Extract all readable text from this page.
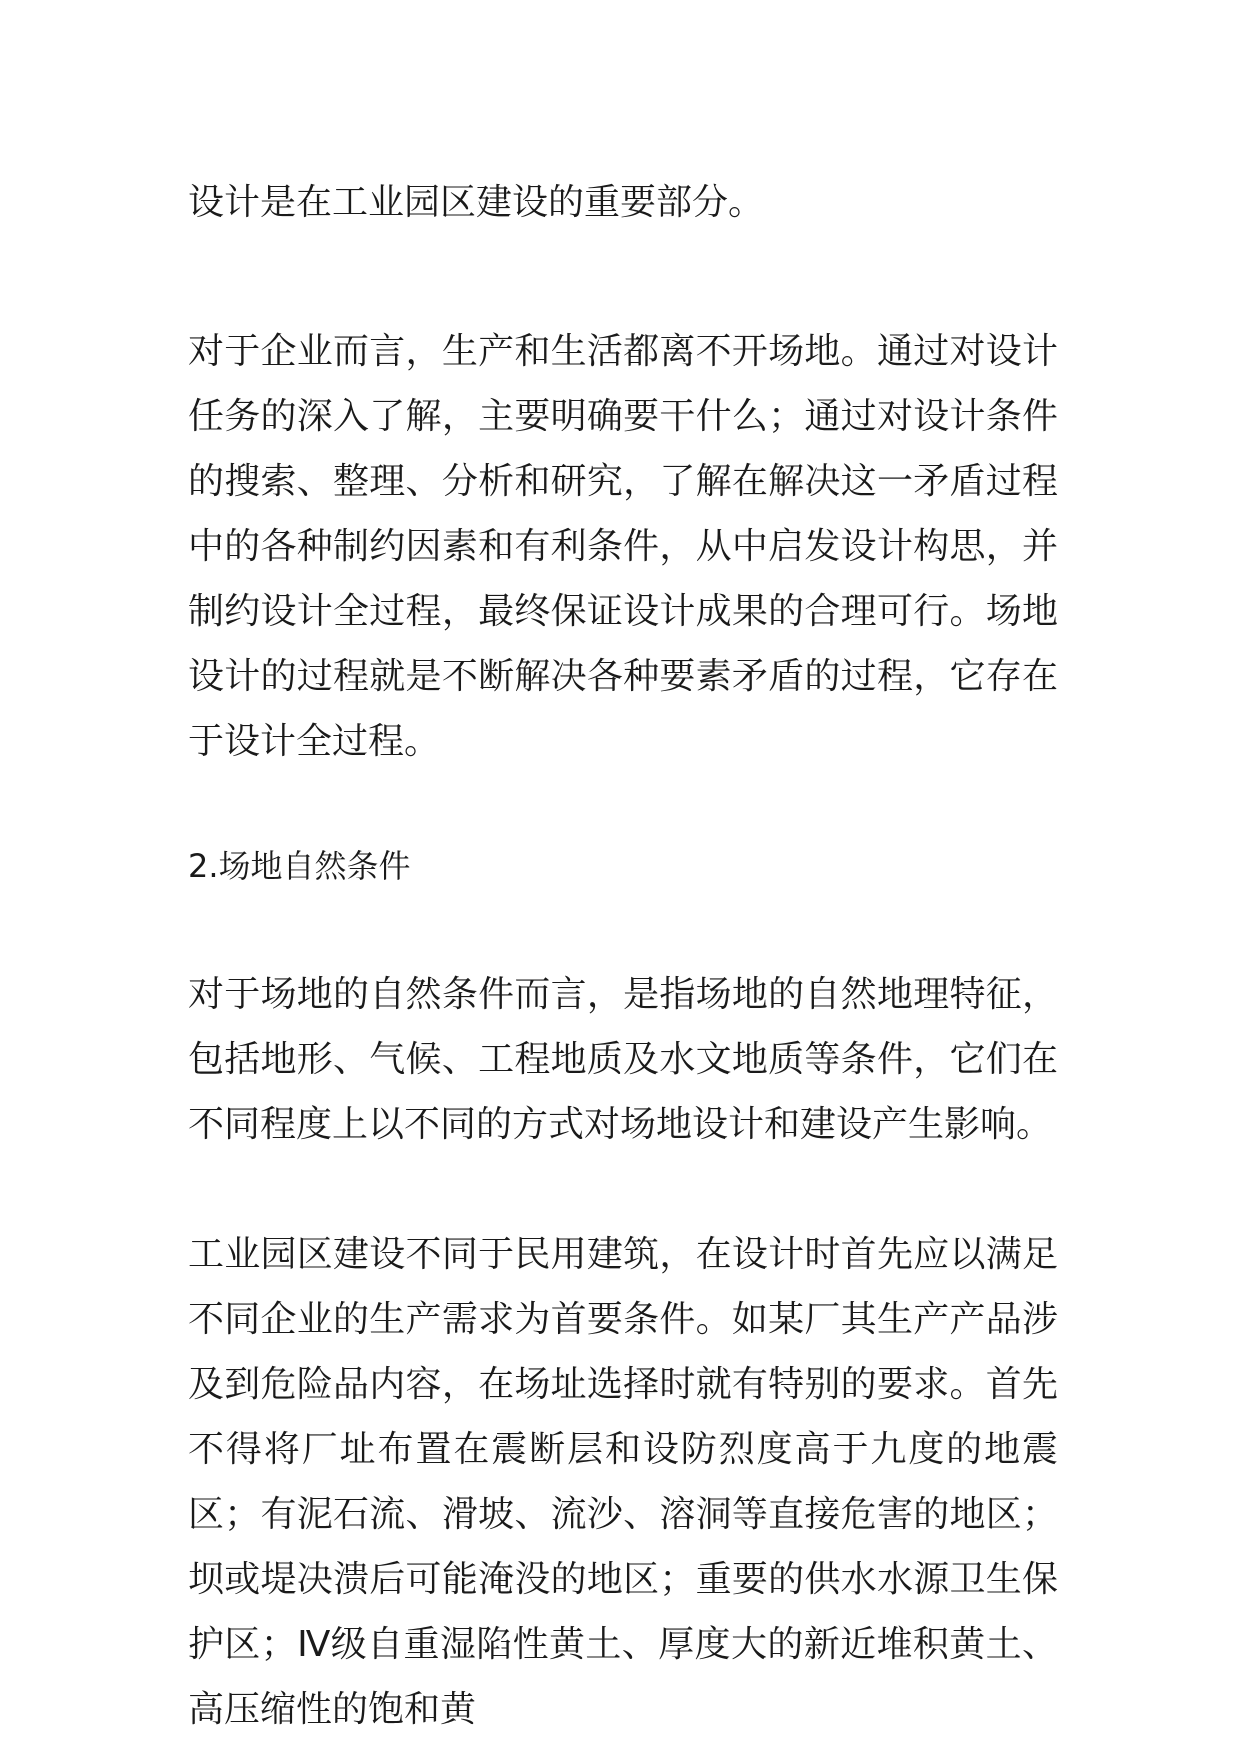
设计是在工业园区建设的重要部分。

对于企业而言，生产和生活都离不开场地。通过对设计任务的深入了解，主要明确要干什么；通过对设计条件的搜索、整理、分析和研究，了解在解决这一矛盾过程中的各种制约因素和有利条件，从中启发设计构思，并制约设计全过程，最终保证设计成果的合理可行。场地设计的过程就是不断解决各种要素矛盾的过程，它存在于设计全过程。

2.场地自然条件

对于场地的自然条件而言，是指场地的自然地理特征，包括地形、气候、工程地质及水文地质等条件，它们在不同程度上以不同的方式对场地设计和建设产生影响。

工业园区建设不同于民用建筑，在设计时首先应以满足不同企业的生产需求为首要条件。如某厂其生产产品涉及到危险品内容，在场址选择时就有特别的要求。首先不得将厂址布置在震断层和设防烈度高于九度的地震区；有泥石流、滑坡、流沙、溶洞等直接危害的地区；坝或堤决溃后可能淹没的地区；重要的供水水源卫生保护区；Ⅳ级自重湿陷性黄土、厚度大的新近堆积黄土、高压缩性的饱和黄
